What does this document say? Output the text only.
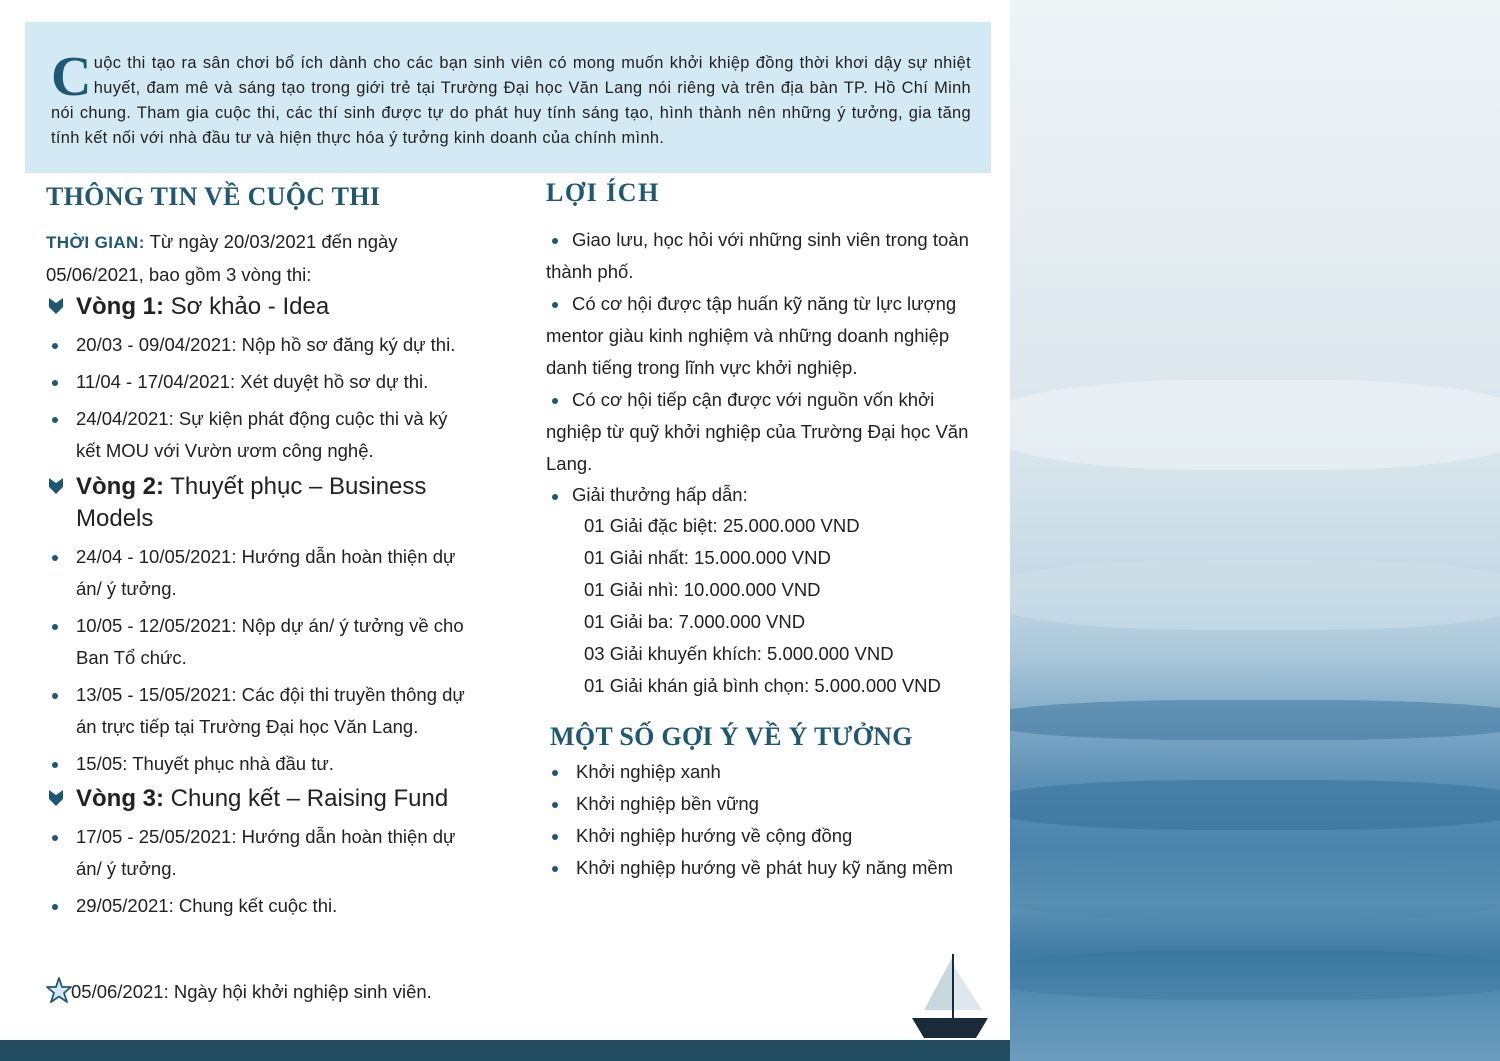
Cuộc thi tạo ra sân chơi bổ ích dành cho các bạn sinh viên có mong muốn khởi khiệp đồng thời khơi dậy sự nhiệt huyết, đam mê và sáng tạo trong giới trẻ tại Trường Đại học Văn Lang nói riêng và trên địa bàn TP. Hồ Chí Minh nói chung. Tham gia cuộc thi, các thí sinh được tự do phát huy tính sáng tạo, hình thành nên những ý tưởng, gia tăng tính kết nối với nhà đầu tư và hiện thực hóa ý tưởng kinh doanh của chính mình.

THÔNG TIN VỀ CUỘC THI

THỜI GIAN: Từ ngày 20/03/2021 đến ngày 05/06/2021, bao gồm 3 vòng thi:

Vòng 1: Sơ khảo - Idea
20/03 - 09/04/2021: Nộp hồ sơ đăng ký dự thi.
11/04 - 17/04/2021: Xét duyệt hồ sơ dự thi.
24/04/2021: Sự kiện phát động cuộc thi và ký kết MOU với Vườn ươm công nghệ.
Vòng 2: Thuyết phục – Business Models
24/04 - 10/05/2021: Hướng dẫn hoàn thiện dự án/ ý tưởng.
10/05 - 12/05/2021: Nộp dự án/ ý tưởng về cho Ban Tổ chức.
13/05 - 15/05/2021: Các đội thi truyền thông dự án trực tiếp tại Trường Đại học Văn Lang.
15/05: Thuyết phục nhà đầu tư.
Vòng 3: Chung kết – Raising Fund
17/05 - 25/05/2021: Hướng dẫn hoàn thiện dự án/ ý tưởng.
29/05/2021: Chung kết cuộc thi.
05/06/2021: Ngày hội khởi nghiệp sinh viên.
LỢI ÍCH
Giao lưu, học hỏi với những sinh viên trong toàn thành phố.
Có cơ hội được tập huấn kỹ năng từ lực lượng mentor giàu kinh nghiệm và những doanh nghiệp danh tiếng trong lĩnh vực khởi nghiệp.
Có cơ hội tiếp cận được với nguồn vốn khởi nghiệp từ quỹ khởi nghiệp của Trường Đại học Văn Lang.
Giải thưởng hấp dẫn:
01 Giải đặc biệt: 25.000.000 VND
01 Giải nhất: 15.000.000 VND
01 Giải nhì: 10.000.000 VND
01 Giải ba: 7.000.000 VND
03 Giải khuyến khích: 5.000.000 VND
01 Giải khán giả bình chọn: 5.000.000 VND
MỘT SỐ GỢI Ý VỀ Ý TƯỞNG
Khởi nghiệp xanh
Khởi nghiệp bền vững
Khởi nghiệp hướng về cộng đồng
Khởi nghiệp hướng về phát huy kỹ năng mềm
